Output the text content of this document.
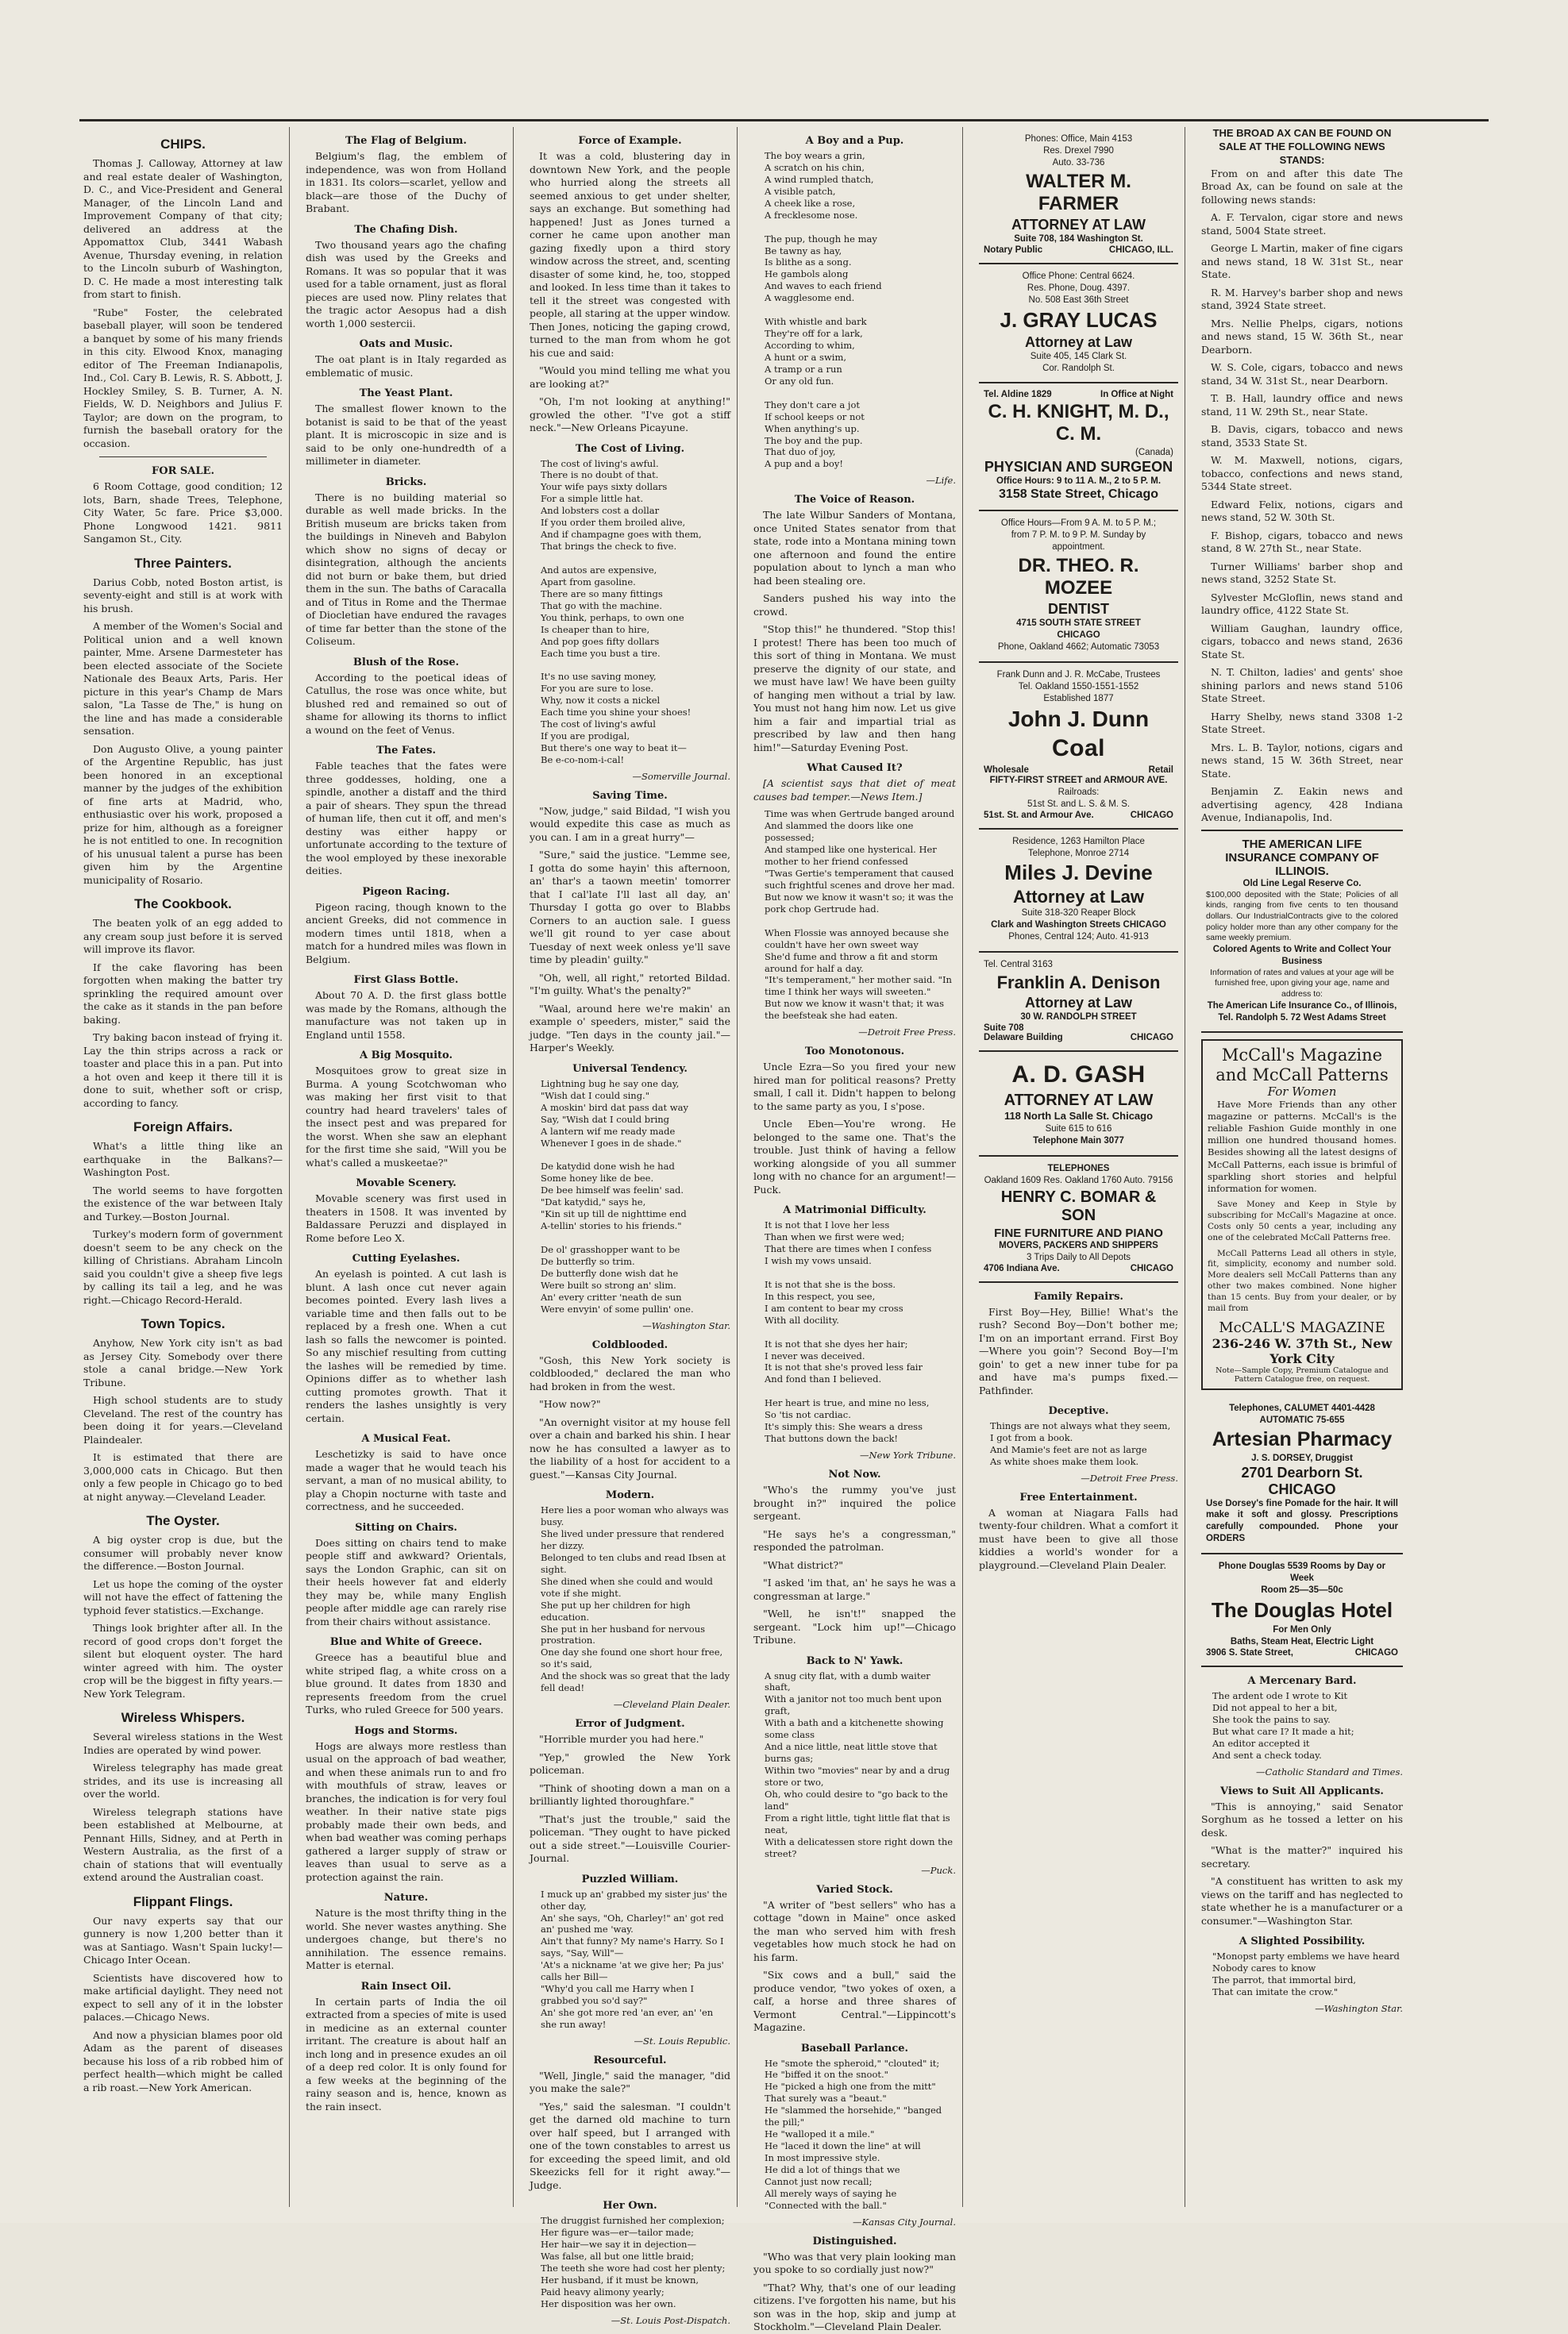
CHIPS.

Thomas J. Calloway, Attorney at law and real estate dealer of Washington, D. C., and Vice-President and General Manager, of the Lincoln Land and Improvement Company of that city; delivered an address at the Appomattox Club, 3441 Wabash Avenue, Thursday evening, in relation to the Lincoln suburb of Washington, D. C. He made a most interesting talk from start to finish.

"Rube" Foster, the celebrated baseball player, will soon be tendered a banquet by some of his many friends in this city. Elwood Knox, managing editor of The Freeman Indianapolis, Ind., Col. Cary B. Lewis, R. S. Abbott, J. Hockley Smiley, S. B. Turner, A. N. Fields, W. D. Neighbors and Julius F. Taylor; are down on the program, to furnish the baseball oratory for the occasion.

FOR SALE.

6 Room Cottage, good condition; 12 lots, Barn, shade Trees, Telephone, City Water, 5c fare. Price $3,000. Phone Longwood 1421. 9811 Sangamon St., City.

Three Painters.

Darius Cobb, noted Boston artist, is seventy-eight and still is at work with his brush.

A member of the Women's Social and Political union and a well known painter, Mme. Arsene Darmesteter has been elected associate of the Societe Nationale des Beaux Arts, Paris. Her picture in this year's Champ de Mars salon, "La Tasse de The," is hung on the line and has made a considerable sensation.

Don Augusto Olive, a young painter of the Argentine Republic, has just been honored in an exceptional manner by the judges of the exhibition of fine arts at Madrid, who, enthusiastic over his work, proposed a prize for him, although as a foreigner he is not entitled to one. In recognition of his unusual talent a purse has been given him by the Argentine municipality of Rosario.

The Cookbook.

The beaten yolk of an egg added to any cream soup just before it is served will improve its flavor.

If the cake flavoring has been forgotten when making the batter try sprinkling the required amount over the cake as it stands in the pan before baking.

Try baking bacon instead of frying it. Lay the thin strips across a rack or toaster and place this in a pan. Put into a hot oven and keep it there till it is done to suit, whether soft or crisp, according to fancy.

Foreign Affairs.

What's a little thing like an earthquake in the Balkans?—Washington Post.

The world seems to have forgotten the existence of the war between Italy and Turkey.—Boston Journal.

Turkey's modern form of government doesn't seem to be any check on the killing of Christians. Abraham Lincoln said you couldn't give a sheep five legs by calling its tail a leg, and he was right.—Chicago Record-Herald.

Town Topics.

Anyhow, New York city isn't as bad as Jersey City. Somebody over there stole a canal bridge.—New York Tribune.

High school students are to study Cleveland. The rest of the country has been doing it for years.—Cleveland Plaindealer.

It is estimated that there are 3,000,000 cats in Chicago. But then only a few people in Chicago go to bed at night anyway.—Cleveland Leader.

The Oyster.

A big oyster crop is due, but the consumer will probably never know the difference.—Boston Journal.

Let us hope the coming of the oyster will not have the effect of fattening the typhoid fever statistics.—Exchange.

Things look brighter after all. In the record of good crops don't forget the silent but eloquent oyster. The hard winter agreed with him. The oyster crop will be the biggest in fifty years.—New York Telegram.

Wireless Whispers.

Several wireless stations in the West Indies are operated by wind power.

Wireless telegraphy has made great strides, and its use is increasing all over the world.

Wireless telegraph stations have been established at Melbourne, at Pennant Hills, Sidney, and at Perth in Western Australia, as the first of a chain of stations that will eventually extend around the Australian coast.

Flippant Flings.

Our navy experts say that our gunnery is now 1,200 better than it was at Santiago. Wasn't Spain lucky!—Chicago Inter Ocean.

Scientists have discovered how to make artificial daylight. They need not expect to sell any of it in the lobster palaces.—Chicago News.

And now a physician blames poor old Adam as the parent of diseases because his loss of a rib robbed him of perfect health—which might be called a rib roast.—New York American.

The Flag of Belgium.

Belgium's flag, the emblem of independence, was won from Holland in 1831. Its colors—scarlet, yellow and black—are those of the Duchy of Brabant.

The Chafing Dish.

Two thousand years ago the chafing dish was used by the Greeks and Romans. It was so popular that it was used for a table ornament, just as floral pieces are used now. Pliny relates that the tragic actor Aesopus had a dish worth 1,000 sestercii.

Oats and Music.

The oat plant is in Italy regarded as emblematic of music.

The Yeast Plant.

The smallest flower known to the botanist is said to be that of the yeast plant. It is microscopic in size and is said to be only one-hundredth of a millimeter in diameter.

Bricks.

There is no building material so durable as well made bricks. In the British museum are bricks taken from the buildings in Nineveh and Babylon which show no signs of decay or disintegration, although the ancients did not burn or bake them, but dried them in the sun. The baths of Caracalla and of Titus in Rome and the Thermae of Diocletian have endured the ravages of time far better than the stone of the Coliseum.

Blush of the Rose.

According to the poetical ideas of Catullus, the rose was once white, but blushed red and remained so out of shame for allowing its thorns to inflict a wound on the feet of Venus.

The Fates.

Fable teaches that the fates were three goddesses, holding, one a spindle, another a distaff and the third a pair of shears. They spun the thread of human life, then cut it off, and men's destiny was either happy or unfortunate according to the texture of the wool employed by these inexorable deities.

Pigeon Racing.

Pigeon racing, though known to the ancient Greeks, did not commence in modern times until 1818, when a match for a hundred miles was flown in Belgium.

First Glass Bottle.

About 70 A. D. the first glass bottle was made by the Romans, although the manufacture was not taken up in England until 1558.

A Big Mosquito.

Mosquitoes grow to great size in Burma. A young Scotchwoman who was making her first visit to that country had heard travelers' tales of the insect pest and was prepared for the worst. When she saw an elephant for the first time she said, "Will you be what's called a muskeetae?"

Movable Scenery.

Movable scenery was first used in theaters in 1508. It was invented by Baldassare Peruzzi and displayed in Rome before Leo X.

Cutting Eyelashes.

An eyelash is pointed. A cut lash is blunt. A lash once cut never again becomes pointed. Every lash lives a variable time and then falls out to be replaced by a fresh one. When a cut lash so falls the newcomer is pointed. So any mischief resulting from cutting the lashes will be remedied by time. Opinions differ as to whether lash cutting promotes growth. That it renders the lashes unsightly is very certain.

A Musical Feat.

Leschetizky is said to have once made a wager that he would teach his servant, a man of no musical ability, to play a Chopin nocturne with taste and correctness, and he succeeded.

Sitting on Chairs.

Does sitting on chairs tend to make people stiff and awkward? Orientals, says the London Graphic, can sit on their heels however fat and elderly they may be, while many English people after middle age can rarely rise from their chairs without assistance.

Blue and White of Greece.

Greece has a beautiful blue and white striped flag, a white cross on a blue ground. It dates from 1830 and represents freedom from the cruel Turks, who ruled Greece for 500 years.

Hogs and Storms.

Hogs are always more restless than usual on the approach of bad weather, and when these animals run to and fro with mouthfuls of straw, leaves or branches, the indication is for very foul weather. In their native state pigs probably made their own beds, and when bad weather was coming perhaps gathered a larger supply of straw or leaves than usual to serve as a protection against the rain.

Nature.

Nature is the most thrifty thing in the world. She never wastes anything. She undergoes change, but there's no annihilation. The essence remains. Matter is eternal.

Rain Insect Oil.

In certain parts of India the oil extracted from a species of mite is used in medicine as an external counter irritant. The creature is about half an inch long and in presence exudes an oil of a deep red color. It is only found for a few weeks at the beginning of the rainy season and is, hence, known as the rain insect.

Force of Example.

It was a cold, blustering day in downtown New York, and the people who hurried along the streets all seemed anxious to get under shelter, says an exchange. But something had happened! Just as Jones turned a corner he came upon another man gazing fixedly upon a third story window across the street, and, scenting disaster of some kind, he, too, stopped and looked. In less time than it takes to tell it the street was congested with people, all staring at the upper window. Then Jones, noticing the gaping crowd, turned to the man from whom he got his cue and said:

"Would you mind telling me what you are looking at?"

"Oh, I'm not looking at anything!" growled the other. "I've got a stiff neck."—New Orleans Picayune.

The Cost of Living.
The cost of living's awful.
There is no doubt of that.
Your wife pays sixty dollars
For a simple little hat.
And lobsters cost a dollar
If you order them broiled alive,
And if champagne goes with them,
That brings the check to five.

And autos are expensive,
Apart from gasoline.
There are so many fittings
That go with the machine.
You think, perhaps, to own one
Is cheaper than to hire,
And pop goes fifty dollars
Each time you bust a tire.

It's no use saving money,
For you are sure to lose.
Why, now it costs a nickel
Each time you shine your shoes!
The cost of living's awful
If you are prodigal,
But there's one way to beat it—
Be e-co-nom-i-cal!
—Somerville Journal.
Saving Time.

"Now, judge," said Bildad, "I wish you would expedite this case as much as you can. I am in a great hurry"—

"Sure," said the justice. "Lemme see, I gotta do some hayin' this afternoon, an' thar's a taown meetin' tomorrer that I cal'late I'll last all day, an' Thursday I gotta go over to Blabbs Corners to an auction sale. I guess we'll git round to yer case about Tuesday of next week onless ye'll save time by pleadin' guilty."

"Oh, well, all right," retorted Bildad. "I'm guilty. What's the penalty?"

"Waal, around here we're makin' an example o' speeders, mister," said the judge. "Ten days in the county jail."—Harper's Weekly.

Universal Tendency.
Lightning bug he say one day,
"Wish dat I could sing."
A moskin' bird dat pass dat way
Say, "Wish dat I could bring
A lantern wif me ready made
Whenever I goes in de shade."

De katydid done wish he had
Some honey like de bee.
De bee himself was feelin' sad.
"Dat katydid," says he,
"Kin sit up till de nighttime end
A-tellin' stories to his friends."

De ol' grasshopper want to be
De butterfly so trim.
De butterfly done wish dat he
Were built so strong an' slim.
An' every critter 'neath de sun
Were envyin' of some pullin' one.
—Washington Star.
Coldblooded.

"Gosh, this New York society is coldblooded," declared the man who had broken in from the west.

"How now?"

"An overnight visitor at my house fell over a chain and barked his shin. I hear now he has consulted a lawyer as to the liability of a host for accident to a guest."—Kansas City Journal.

Modern.
Here lies a poor woman who always was busy.
She lived under pressure that rendered her dizzy.
Belonged to ten clubs and read Ibsen at sight.
She dined when she could and would vote if she might.
She put up her children for high education.
She put in her husband for nervous prostration.
One day she found one short hour free, so it's said,
And the shock was so great that the lady fell dead!
—Cleveland Plain Dealer.
Error of Judgment.

"Horrible murder you had here."

"Yep," growled the New York policeman.

"Think of shooting down a man on a brilliantly lighted thoroughfare."

"That's just the trouble," said the policeman. "They ought to have picked out a side street."—Louisville Courier-Journal.

Puzzled William.
I muck up an' grabbed my sister jus' the other day,
An' she says, "Oh, Charley!" an' got red an' pushed me 'way.
Ain't that funny? My name's Harry. So I says, "Say, Will"—
'At's a nickname 'at we give her; Pa jus' calls her Bill—
"Why'd you call me Harry when I grabbed you so'd say?"
An' she got more red 'an ever, an' 'en she run away!
—St. Louis Republic.
Resourceful.

"Well, Jingle," said the manager, "did you make the sale?"

"Yes," said the salesman. "I couldn't get the darned old machine to turn over half speed, but I arranged with one of the town constables to arrest us for exceeding the speed limit, and old Skeezicks fell for it right away."—Judge.

Her Own.
The druggist furnished her complexion;
Her figure was—er—tailor made;
Her hair—we say it in dejection—
Was false, all but one little braid;
The teeth she wore had cost her plenty;
Her husband, if it must be known,
Paid heavy alimony yearly;
Her disposition was her own.
—St. Louis Post-Dispatch.
A Boy and a Pup.
The boy wears a grin,
A scratch on his chin,
A wind rumpled thatch,
A visible patch,
A cheek like a rose,
A frecklesome nose.

The pup, though he may
Be tawny as hay,
Is blithe as a song.
He gambols along
And waves to each friend
A wagglesome end.

With whistle and bark
They're off for a lark,
According to whim,
A hunt or a swim,
A tramp or a run
Or any old fun.

They don't care a jot
If school keeps or not
When anything's up.
The boy and the pup.
That duo of joy,
A pup and a boy!
—Life.
The Voice of Reason.

The late Wilbur Sanders of Montana, once United States senator from that state, rode into a Montana mining town one afternoon and found the entire population about to lynch a man who had been stealing ore.

Sanders pushed his way into the crowd.

"Stop this!" he thundered. "Stop this! I protest! There has been too much of this sort of thing in Montana. We must preserve the dignity of our state, and we must have law! We have been guilty of hanging men without a trial by law. You must not hang him now. Let us give him a fair and impartial trial as prescribed by law and then hang him!"—Saturday Evening Post.

What Caused It?

[A scientist says that diet of meat causes bad temper.—News Item.]

Time was when Gertrude banged around
And slammed the doors like one possessed;
And stamped like one hysterical. Her
mother to her friend confessed
"Twas Gertie's temperament that caused
such frightful scenes and drove her mad.
But now we know it wasn't so; it was the
pork chop Gertrude had.

When Flossie was annoyed because she
couldn't have her own sweet way
She'd fume and throw a fit and storm
around for half a day.
"It's temperament," her mother said. "In
time I think her ways will sweeten."
But now we know it wasn't that; it was
the beefsteak she had eaten.
—Detroit Free Press.
Too Monotonous.

Uncle Ezra—So you fired your new hired man for political reasons? Pretty small, I call it. Didn't happen to belong to the same party as you, I s'pose.

Uncle Eben—You're wrong. He belonged to the same one. That's the trouble. Just think of having a fellow working alongside of you all summer long with no chance for an argument!—Puck.

A Matrimonial Difficulty.
It is not that I love her less
Than when we first were wed;
That there are times when I confess
I wish my vows unsaid.

It is not that she is the boss.
In this respect, you see,
I am content to bear my cross
With all docility.

It is not that she dyes her hair;
I never was deceived.
It is not that she's proved less fair
And fond than I believed.

Her heart is true, and mine no less,
So 'tis not cardiac.
It's simply this: She wears a dress
That buttons down the back!
—New York Tribune.
Not Now.

"Who's the rummy you've just brought in?" inquired the police sergeant.

"He says he's a congressman," responded the patrolman.

"What district?"

"I asked 'im that, an' he says he was a congressman at large."

"Well, he isn't!" snapped the sergeant. "Lock him up!"—Chicago Tribune.

Back to N' Yawk.
A snug city flat, with a dumb waiter shaft,
With a janitor not too much bent upon graft,
With a bath and a kitchenette showing some class
And a nice little, neat little stove that burns gas;
Within two "movies" near by and a drug store or two,
Oh, who could desire to "go back to the land"
From a right little, tight little flat that is neat,
With a delicatessen store right down the street?
—Puck.
Varied Stock.

"A writer of "best sellers" who has a cottage "down in Maine" once asked the man who served him with fresh vegetables how much stock he had on his farm.

"Six cows and a bull," said the produce vendor, "two yokes of oxen, a calf, a horse and three shares of Vermont Central."—Lippincott's Magazine.

Baseball Parlance.
He "smote the spheroid," "clouted" it;
He "biffed it on the snoot."
He "picked a high one from the mitt"
That surely was a "beaut."
He "slammed the horsehide," "banged the pill;"
He "walloped it a mile."
He "laced it down the line" at will
In most impressive style.
He did a lot of things that we
Cannot just now recall;
All merely ways of saying he
"Connected with the ball."
—Kansas City Journal.
Distinguished.

"Who was that very plain looking man you spoke to so cordially just now?"

"That? Why, that's one of our leading citizens. I've forgotten his name, but his son was in the hop, skip and jump at Stockholm."—Cleveland Plain Dealer.

Phones: Office, Main 4153
Res. Drexel 7990
Auto. 33-736
WALTER M. FARMER
ATTORNEY AT LAW
Suite 708, 184 Washington St.
Notary Public	CHICAGO, ILL.
Office Phone: Central 6624.
Res. Phone, Doug. 4397.
No. 508 East 36th Street
J. GRAY LUCAS
Attorney at Law
Suite 405, 145 Clark St.
Cor. Randolph St.
Tel. Aldine 1829	In Office at Night
C. H. KNIGHT, M. D., C. M.
(Canada)
PHYSICIAN AND SURGEON
Office Hours: 9 to 11 A. M., 2 to 5 P. M.
3158 State Street, Chicago
Office Hours—From 9 A. M. to 5 P. M.;
from 7 P. M. to 9 P. M. Sunday by appointment.
DR. THEO. R. MOZEE
DENTIST
4715 SOUTH STATE STREET
CHICAGO
Phone, Oakland 4662; Automatic 73053
Frank Dunn and J. R. McCabe, Trustees
Tel. Oakland 1550-1551-1552
Established 1877
John J. Dunn
Coal
Wholesale	Retail
FIFTY-FIRST STREET and ARMOUR AVE.
Railroads:
51st St. and L. S. & M. S.
51st. St. and Armour Ave.	CHICAGO
Residence, 1263 Hamilton Place
Telephone, Monroe 2714
Miles J. Devine
Attorney at Law
Suite 318-320 Reaper Block
Clark and Washington Streets CHICAGO
Phones, Central 124; Auto. 41-913
Tel. Central 3163
Franklin A. Denison
Attorney at Law
30 W. RANDOLPH STREET
Suite 708
Delaware Building	CHICAGO
A. D. GASH
ATTORNEY AT LAW
118 North La Salle St. Chicago
Suite 615 to 616
Telephone Main 3077
TELEPHONES
Oakland 1609 Res. Oakland 1760 Auto. 79156
HENRY C. BOMAR & SON
FINE FURNITURE AND PIANO
MOVERS, PACKERS AND SHIPPERS
3 Trips Daily to All Depots
4706 Indiana Ave.	CHICAGO
Family Repairs.

First Boy—Hey, Billie! What's the rush? Second Boy—Don't bother me; I'm on an important errand. First Boy—Where you goin'? Second Boy—I'm goin' to get a new inner tube for pa and have ma's pumps fixed.—Pathfinder.

Deceptive.
Things are not always what they seem,
I got from a book.
And Mamie's feet are not as large
As white shoes make them look.
—Detroit Free Press.
Free Entertainment.

A woman at Niagara Falls had twenty-four children. What a comfort it must have been to give all those kiddies a world's wonder for a playground.—Cleveland Plain Dealer.

THE BROAD AX CAN BE FOUND ON SALE AT THE FOLLOWING NEWS STANDS:

From on and after this date The Broad Ax, can be found on sale at the following news stands:

A. F. Tervalon, cigar store and news stand, 5004 State street.

George L Martin, maker of fine cigars and news stand, 18 W. 31st St., near State.

R. M. Harvey's barber shop and news stand, 3924 State street.

Mrs. Nellie Phelps, cigars, notions and news stand, 15 W. 36th St., near Dearborn.

W. S. Cole, cigars, tobacco and news stand, 34 W. 31st St., near Dearborn.

T. B. Hall, laundry office and news stand, 11 W. 29th St., near State.

B. Davis, cigars, tobacco and news stand, 3533 State St.

W. M. Maxwell, notions, cigars, tobacco, confections and news stand, 5344 State street.

Edward Felix, notions, cigars and news stand, 52 W. 30th St.

F. Bishop, cigars, tobacco and news stand, 8 W. 27th St., near State.

Turner Williams' barber shop and news stand, 3252 State St.

Sylvester McGloflin, news stand and laundry office, 4122 State St.

William Gaughan, laundry office, cigars, tobacco and news stand, 2636 State St.

N. T. Chilton, ladies' and gents' shoe shining parlors and news stand 5106 State Street.

Harry Shelby, news stand 3308 1-2 State Street.

Mrs. L. B. Taylor, notions, cigars and news stand, 15 W. 36th Street, near State.

Benjamin Z. Eakin news and advertising agency, 428 Indiana Avenue, Indianapolis, Ind.

THE AMERICAN LIFE INSURANCE COMPANY OF ILLINOIS.
Old Line Legal Reserve Co.
$100,000 deposited with the State; Policies of all kinds, ranging from five cents to ten thousand dollars. Our IndustrialContracts give to the colored policy holder more than any other company for the same weekly premium.
Colored Agents to Write and Collect Your Business
Information of rates and values at your age will be furnished free, upon giving your age, name and address to:
The American Life Insurance Co., of Illinois,
Tel. Randolph 5. 72 West Adams Street
McCall's Magazine and McCall Patterns
For Women

Have More Friends than any other magazine or patterns. McCall's is the reliable Fashion Guide monthly in one million one hundred thousand homes. Besides showing all the latest designs of McCall Patterns, each issue is brimful of sparkling short stories and helpful information for women.

Save Money and Keep in Style by subscribing for McCall's Magazine at once. Costs only 50 cents a year, including any one of the celebrated McCall Patterns free.

McCall Patterns Lead all others in style, fit, simplicity, economy and number sold. More dealers sell McCall Patterns than any other two makes combined. None higher than 15 cents. Buy from your dealer, or by mail from

McCALL'S MAGAZINE
236-246 W. 37th St., New York City
Note—Sample Copy, Premium Catalogue and Pattern Catalogue free, on request.
Telephones, CALUMET 4401-4428
AUTOMATIC 75-655
Artesian Pharmacy
J. S. DORSEY, Druggist
2701 Dearborn St. CHICAGO
Use Dorsey's fine Pomade for the hair. It will make it soft and glossy. Prescriptions carefully compounded. Phone your ORDERS
Phone Douglas 5539 Rooms by Day or Week
Room 25—35—50c
The Douglas Hotel
For Men Only
Baths, Steam Heat, Electric Light
3906 S. State Street,	CHICAGO
A Mercenary Bard.
The ardent ode I wrote to Kit
Did not appeal to her a bit,
She took the pains to say.
But what care I? It made a hit;
An editor accepted it
And sent a check today.
—Catholic Standard and Times.
Views to Suit All Applicants.

"This is annoying," said Senator Sorghum as he tossed a letter on his desk.

"What is the matter?" inquired his secretary.

"A constituent has written to ask my views on the tariff and has neglected to state whether he is a manufacturer or a consumer."—Washington Star.

A Slighted Possibility.
"Monopst party emblems we have heard
Nobody cares to know
The parrot, that immortal bird,
That can imitate the crow."
—Washington Star.
